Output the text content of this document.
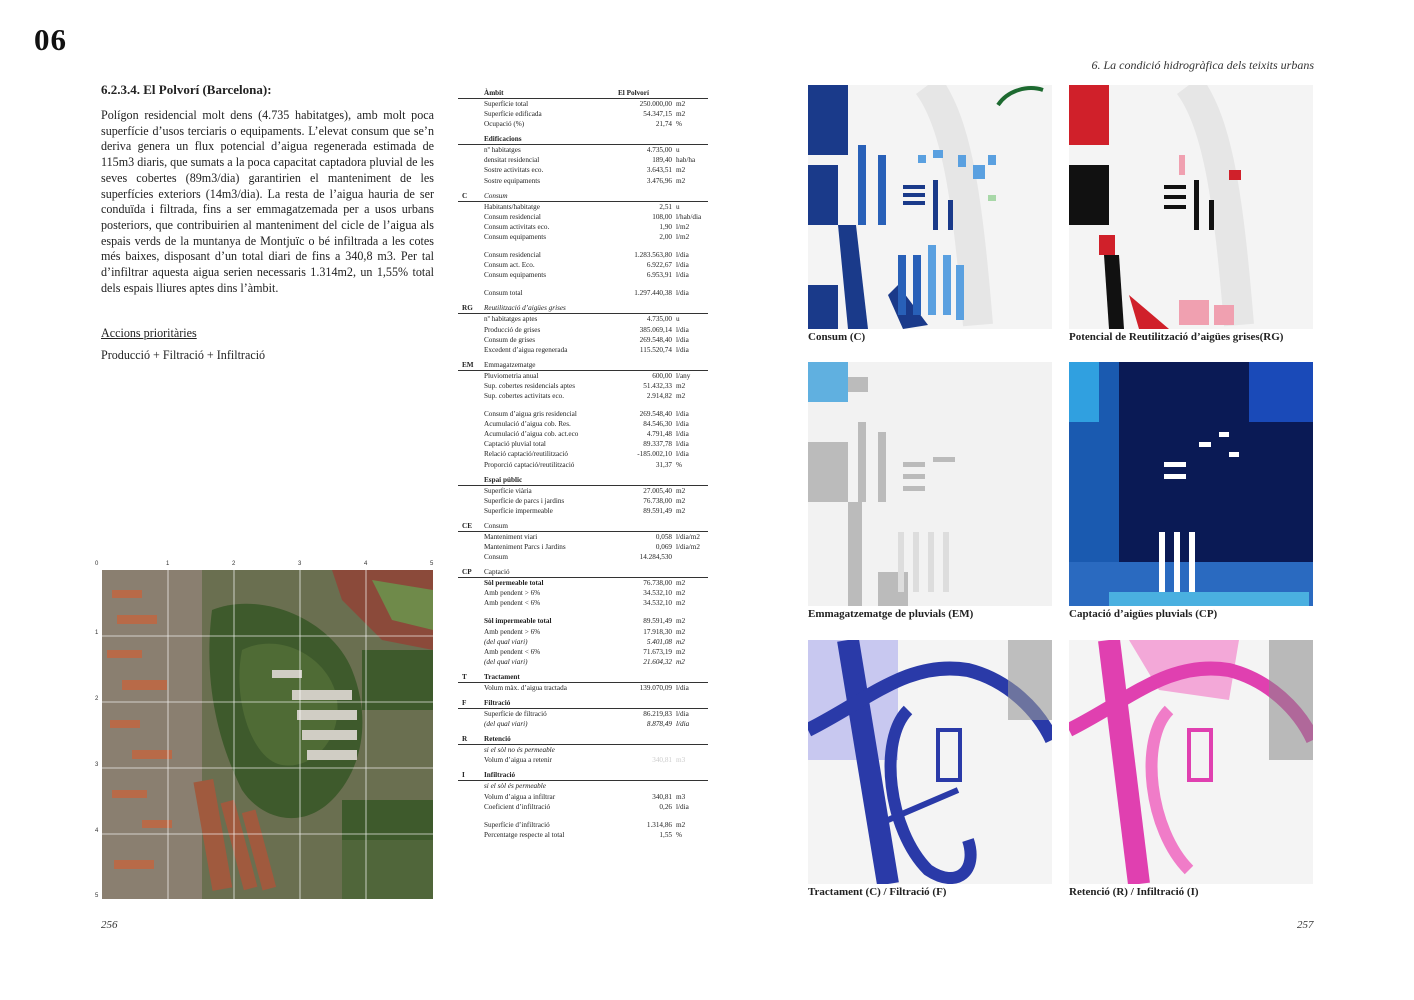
06
6. La condició hidrogràfica dels teixits urbans
6.2.3.4. El Polvorí (Barcelona):
Polígon residencial molt dens (4.735 habitatges), amb molt poca superfície d’usos terciaris o equipaments. L’elevat consum que se’n deriva genera un flux potencial d’aigua regenerada estimada de 115m3 diaris, que sumats a la poca capacitat captadora pluvial de les seves cobertes (89m3/dia) garantirien el manteniment de les superfícies exteriors (14m3/dia). La resta de l’aigua hauria de ser conduïda i filtrada, fins a ser emmagatzemada per a usos urbans posteriors, que contribuirien al manteniment del cicle de l’aigua als espais verds de la muntanya de Montjuïc o bé infiltrada a les cotes més baixes, disposant d’un total diari de fins a 340,8 m3. Per tal d’infiltrar aquesta aigua serien necessaris 1.314m2, un 1,55% total dels espais lliures aptes dins l’àmbit.
Accions prioritàries
Producció + Filtració + Infiltració
0	1	2	3	4	5
1
2
3
4
5
Àmbit	El Polvorí
Superfície total	250.000,00 m2
Superfície edificada	54.347,15 m2
Ocupació (%)	21,74 %
Edificacions
nº habitatges	4.735,00 u
densitat residencial	189,40 hab/ha
Sostre activitats eco.	3.643,51 m2
Sostre equipaments	3.476,96 m2
C	Consum
Habitants/habitatge	2,51 u
Consum residencial	108,00 l/hab/dia
Consum activitats eco.	1,90 l/m2
Consum equipaments	2,00 l/m2
Consum residencial	1.283.563,80 l/dia
Consum act. Eco.	6.922,67 l/dia
Consum equipaments	6.953,91 l/dia
Consum total	1.297.440,38 l/dia
RG	Reutilització d’aigües grises
nº habitatges aptes	4.735,00 u
Producció de grises	385.069,14 l/dia
Consum de grises	269.548,40 l/dia
Excedent d’aigua regenerada	115.520,74 l/dia
EM	Emmagatzematge
Pluviometria anual	600,00 l/any
Sup. cobertes residencials aptes	51.432,33 m2
Sup. cobertes activitats eco.	2.914,82 m2
Consum d’aigua gris residencial	269.548,40 l/dia
Acumulació d’aigua cob. Res.	84.546,30 l/dia
Acumulació d’aigua cob. act.eco	4.791,48 l/dia
Captació pluvial total	89.337,78 l/dia
Relació captació/reutilització	-185.002,10 l/dia
Proporció captació/reutilització	31,37 %
Espai públic
Superfície viària	27.005,40 m2
Superfície de parcs i jardins	76.738,00 m2
Superfície impermeable	89.591,49 m2
CE	Consum
Manteniment viari	0,058 l/dia/m2
Manteniment Parcs i Jardins	0,069 l/dia/m2
Consum	14.284,530
CP	Captació
Sòl permeable total	76.738,00 m2
Amb pendent > 6%	34.532,10 m2
Amb pendent < 6%	34.532,10 m2
Sòl impermeable total	89.591,49 m2
Amb pendent > 6%	17.918,30 m2
(del qual viari)	5.401,08 m2
Amb pendent < 6%	71.673,19 m2
(del qual viari)	21.604,32 m2
T	Tractament
Volum màx. d’aigua tractada	139.070,09 l/dia
F	Filtració
Superfície de filtració	86.219,83 l/dia
(del qual viari)	8.878,49 l/dia
R	Retenció
si el sòl no és permeable
Volum d’aigua a retenir	340,81 m3
I	Infiltració
si el sòl és permeable
Volum d’aigua a infiltrar	340,81 m3
Coeficient d’infiltració	0,26 l/dia
Superfície d’infiltració	1.314,86 m2
Percentatge respecte al total	1,55 %
Consum (C)	Potencial de Reutilització d’aigües grises(RG)
Emmagatzematge de pluvials (EM)	Captació d’aigües pluvials (CP)
Tractament (C) / Filtració (F)	Retenció (R) / Infiltració (I)
256	257
